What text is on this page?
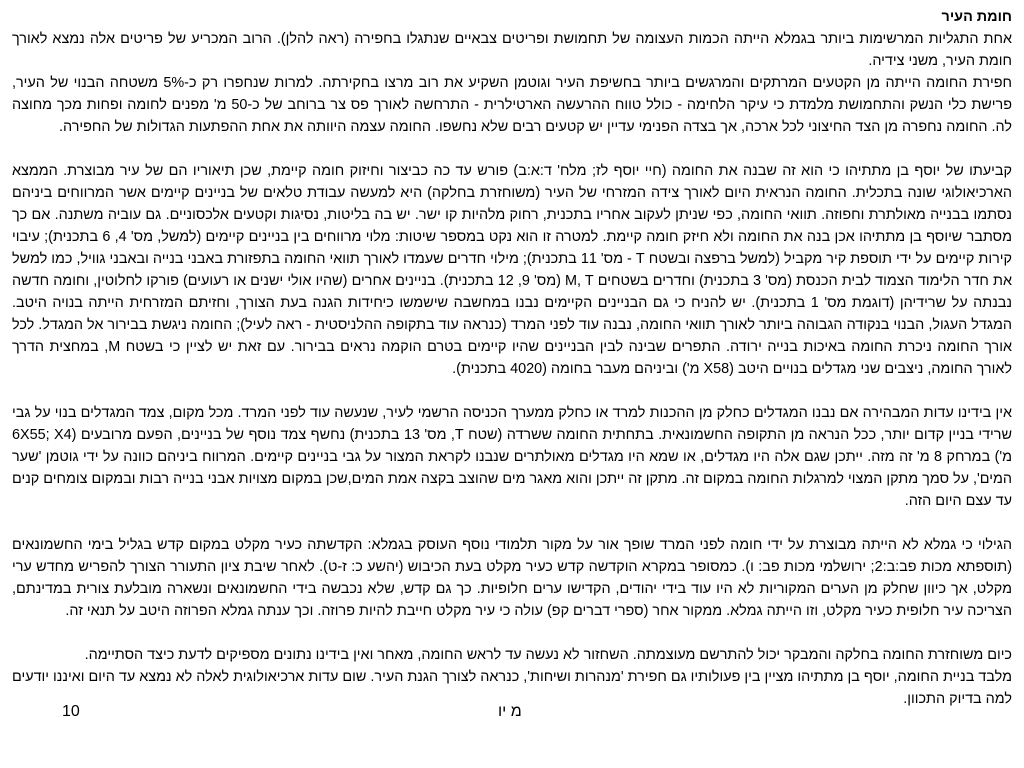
חומת העיר

אחת התגליות המרשימות ביותר בגמלא הייתה הכמות העצומה של תחמושת ופריטים צבאיים שנתגלו בחפירה (ראה להלן). הרוב המכריע של פריטים אלה נמצא לאורך חומת העיר, משני צידיה.

חפירת החומה הייתה מן הקטעים המרתקים והמרגשים ביותר בחשיפת העיר וגוטמן השקיע את רוב מרצו בחקירתה. למרות שנחפרו רק כ-5% משטחה הבנוי של העיר, פרישת כלי הנשק והתחמושת מלמדת כי עיקר הלחימה - כולל טווח ההרעשה הארטילרית - התרחשה לאורך פס צר ברוחב של כ-50 מ' מפנים לחומה ופחות מכך מחוצה לה. החומה נחפרה מן הצד החיצוני לכל ארכה, אך בצדה הפנימי עדיין יש קטעים רבים שלא נחשפו. החומה עצמה היוותה את אחת ההפתעות הגדולות של החפירה.

קביעתו של יוסף בן מתתיהו כי הוא זה שבנה את החומה (חיי יוסף לז; מלח' ד:א:ב) פורש עד כה כביצור וחיזוק חומה קיימת, שכן תיאוריו הם של עיר מבוצרת. הממצא הארכיאולוגי שונה בתכלית. החומה הנראית היום לאורך צידה המזרחי של העיר (משוחזרת בחלקה) היא למעשה עבודת טלאים של בניינים קיימים אשר המרווחים ביניהם נסתמו בבנייה מאולתרת וחפוזה. תוואי החומה, כפי שניתן לעקוב אחריו בתכנית, רחוק מלהיות קו ישר. יש בה בליטות, נסיגות וקטעים אלכסוניים. גם עוביה משתנה. אם כך מסתבר שיוסף בן מתתיהו אכן בנה את החומה ולא חיזק חומה קיימת. למטרה זו הוא נקט במספר שיטות: מלוי מרווחים בין בניינים קיימים (למשל, מס' 4, 6 בתכנית); עיבוי קירות קיימים על ידי תוספת קיר מקביל (למשל ברפצה ובשטח T - מס' 11 בתכנית); מילוי חדרים שעמדו לאורך תוואי החומה בתפזורת באבני בנייה ובאבני גוויל, כמו למשל את חדר הלימוד הצמוד לבית הכנסת (מס' 3 בתכנית) וחדרים בשטחים M, T (מס' 9, 12 בתכנית). בניינים אחרים (שהיו אולי ישנים או רעועים) פורקו לחלוטין, וחומה חדשה נבנתה על שרידיהן (דוגמת מס' 1 בתכנית). יש להניח כי גם הבניינים הקיימים נבנו במחשבה שישמשו כיחידות הגנה בעת הצורך, וחזיתם המזרחית הייתה בנויה היטב. המגדל העגול, הבנוי בנקודה הגבוהה ביותר לאורך תוואי החומה, נבנה עוד לפני המרד (כנראה עוד בתקופה ההלניסטית - ראה לעיל); החומה ניגשת בבירור אל המגדל. לכל אורך החומה ניכרת החומה באיכות בנייה ירודה. התפרים שבינה לבין הבניינים שהיו קיימים בטרם הוקמה נראים בבירור. עם זאת יש לציין כי בשטח M, במחצית הדרך לאורך החומה, ניצבים שני מגדלים בנויים היטב (X58 מ') וביניהם מעבר בחומה (4020 בתכנית).

אין בידינו עדות המבהירה אם נבנו המגדלים כחלק מן ההכנות למרד או כחלק ממערך הכניסה הרשמי לעיר, שנעשה עוד לפני המרד. מכל מקום, צמד המגדלים בנוי על גבי שרידי בניין קדום יותר, ככל הנראה מן התקופה החשמונאית. בתחתית החומה ששרדה (שטח T, מס' 13 בתכנית) נחשף צמד נוסף של בניינים, הפעם מרובעים (6X55; X4 מ') במרחק 8 מ' זה מזה. ייתכן שגם אלה היו מגדלים, או שמא היו מגדלים מאולתרים שנבנו לקראת המצור על גבי בניינים קיימים. המרווח ביניהם כוונה על ידי גוטמן 'שער המים', על סמך מתקן המצוי למרגלות החומה במקום זה. מתקן זה ייתכן והוא מאגר מים שהוצב בקצה אמת המים,שכן במקום מצויות אבני בנייה רבות ובמקום צומחים קנים עד עצם היום הזה.

הגילוי כי גמלא לא הייתה מבוצרת על ידי חומה לפני המרד שופך אור על מקור תלמודי נוסף העוסק בגמלא: הקדשתה כעיר מקלט במקום קדש בגליל בימי החשמונאים (תוספתא מכות פב:ב:2; ירושלמי מכות פב: ו). כמסופר במקרא הוקדשה קדש כעיר מקלט בעת הכיבוש (יהשע כ: ז-ט). לאחר שיבת ציון התעורר הצורך להפריש מחדש ערי מקלט, אך כיוון שחלק מן הערים המקוריות לא היו עוד בידי יהודים, הקדישו ערים חלופיות. כך גם קדש, שלא נכבשה בידי החשמונאים ונשארה מובלעת צורית במדינתם, הצריכה עיר חלופית כעיר מקלט, וזו הייתה גמלא. ממקור אחר (ספרי דברים קפ) עולה כי עיר מקלט חייבת להיות פרוזה. וכך ענתה גמלא הפרוזה היטב על תנאי זה.

כיום משוחזרת החומה בחלקה והמבקר יכול להתרשם מעוצמתה. השחזור לא נעשה עד לראש החומה, מאחר ואין בידינו נתונים מספיקים לדעת כיצד הסתיימה.

מלבד בניית החומה, יוסף בן מתתיהו מציין בין פעולותיו גם חפירת 'מנהרות ושיחות', כנראה לצורך הגנת העיר. שום עדות ארכיאולוגית לאלה לא נמצא עד היום ואיננו יודעים למה בדיוק התכוון.

10	מ יו
